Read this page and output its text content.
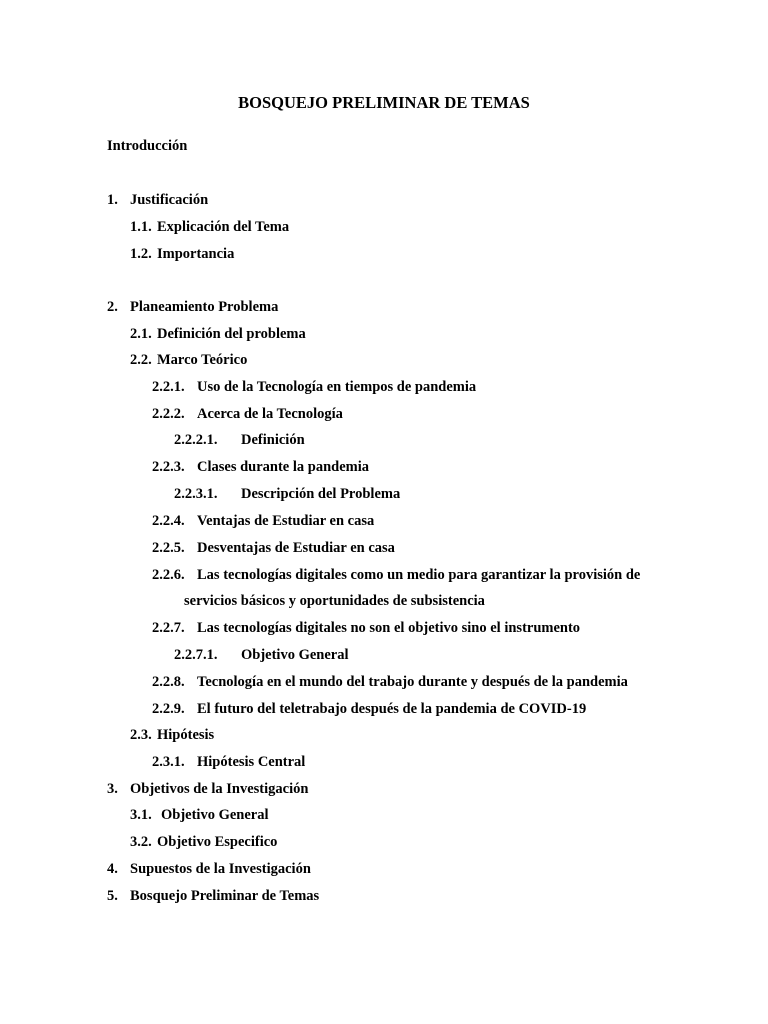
BOSQUEJO PRELIMINAR DE TEMAS
Introducción
1. Justificación
1.1. Explicación del Tema
1.2. Importancia
2. Planeamiento Problema
2.1. Definición del problema
2.2. Marco Teórico
2.2.1. Uso de la Tecnología en tiempos de pandemia
2.2.2. Acerca de la Tecnología
2.2.2.1. Definición
2.2.3. Clases durante la pandemia
2.2.3.1. Descripción del Problema
2.2.4. Ventajas de Estudiar en casa
2.2.5. Desventajas de Estudiar en casa
2.2.6. Las tecnologías digitales como un medio para garantizar la provisión de
servicios básicos y oportunidades de subsistencia
2.2.7. Las tecnologías digitales no son el objetivo sino el instrumento
2.2.7.1. Objetivo General
2.2.8. Tecnología en el mundo del trabajo durante y después de la pandemia
2.2.9. El futuro del teletrabajo después de la pandemia de COVID-19
2.3. Hipótesis
2.3.1. Hipótesis Central
3. Objetivos de la Investigación
3.1. Objetivo General
3.2. Objetivo Especifico
4. Supuestos de la Investigación
5. Bosquejo Preliminar de Temas
